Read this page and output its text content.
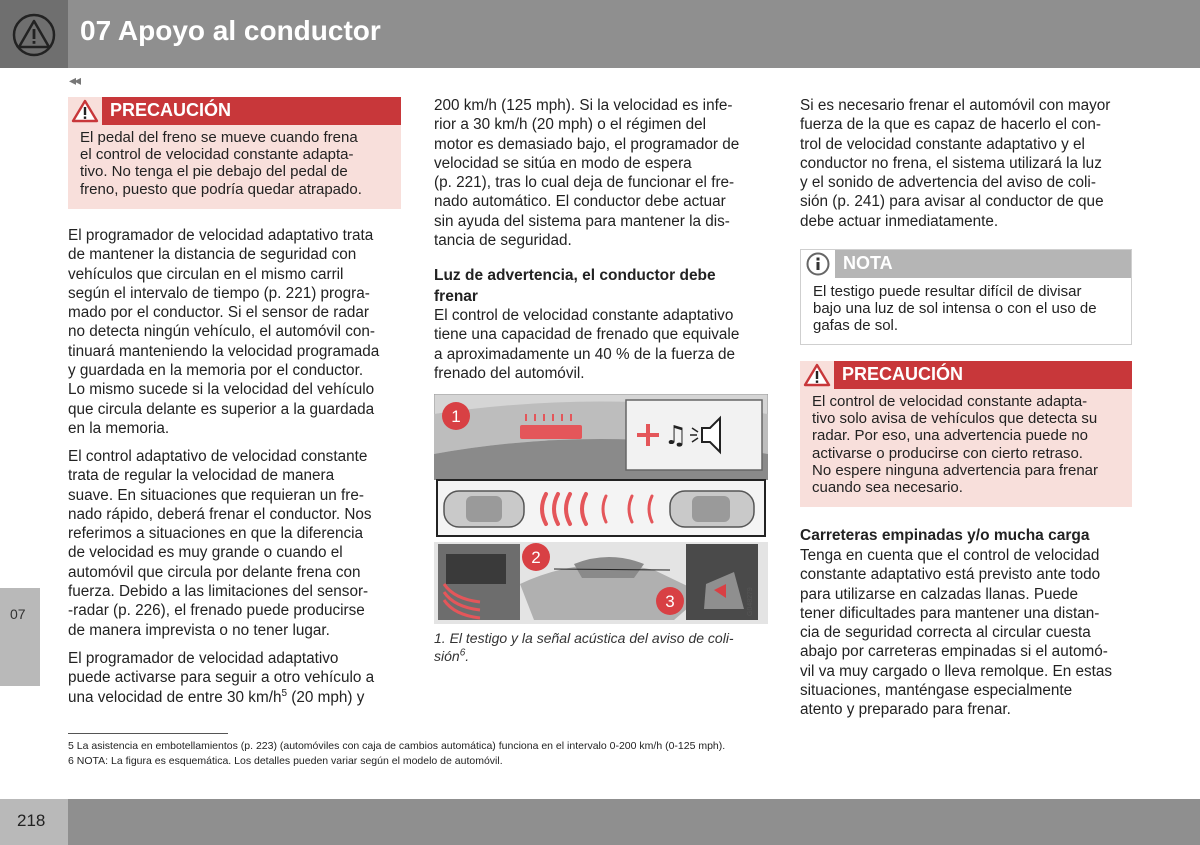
07 Apoyo al conductor
07
◂◂
PRECAUCIÓN
El pedal del freno se mueve cuando frena
el control de velocidad constante adapta-
tivo. No tenga el pie debajo del pedal de
freno, puesto que podría quedar atrapado.
El programador de velocidad adaptativo trata
de mantener la distancia de seguridad con
vehículos que circulan en el mismo carril
según el intervalo de tiempo (p. 221) progra-
mado por el conductor. Si el sensor de radar
no detecta ningún vehículo, el automóvil con-
tinuará manteniendo la velocidad programada
y guardada en la memoria por el conductor.
Lo mismo sucede si la velocidad del vehículo
que circula delante es superior a la guardada
en la memoria.
El control adaptativo de velocidad constante
trata de regular la velocidad de manera
suave. En situaciones que requieran un fre-
nado rápido, deberá frenar el conductor. Nos
referimos a situaciones en que la diferencia
de velocidad es muy grande o cuando el
automóvil que circula por delante frena con
fuerza. Debido a las limitaciones del sensor-
-radar (p. 226), el frenado puede producirse
de manera imprevista o no tener lugar.
El programador de velocidad adaptativo
puede activarse para seguir a otro vehículo a
una velocidad de entre 30 $km/h^5$ (20 mph) y
200 km/h (125 mph). Si la velocidad es infe-
rior a 30 km/h (20 mph) o el régimen del
motor es demasiado bajo, el programador de
velocidad se sitúa en modo de espera
(p. 221), tras lo cual deja de funcionar el fre-
nado automático. El conductor debe actuar
sin ayuda del sistema para mantener la dis-
tancia de seguridad.
Luz de advertencia, el conductor debe
frenar
El control de velocidad constante adaptativo
tiene una capacidad de frenado que equivale
a aproximadamente un 40 % de la fuerza de
frenado del automóvil.
♫
1
G048279
2
3
1. El testigo y la señal acústica del aviso de coli-
sión$^6$.
Si es necesario frenar el automóvil con mayor
fuerza de la que es capaz de hacerlo el con-
trol de velocidad constante adaptativo y el
conductor no frena, el sistema utilizará la luz
y el sonido de advertencia del aviso de coli-
sión (p. 241) para avisar al conductor de que
debe actuar inmediatamente.
NOTA
El testigo puede resultar difícil de divisar
bajo una luz de sol intensa o con el uso de
gafas de sol.
PRECAUCIÓN
El control de velocidad constante adapta-
tivo solo avisa de vehículos que detecta su
radar. Por eso, una advertencia puede no
activarse o producirse con cierto retraso.
No espere ninguna advertencia para frenar
cuando sea necesario.
Carreteras empinadas y/o mucha carga
Tenga en cuenta que el control de velocidad
constante adaptativo está previsto ante todo
para utilizarse en calzadas llanas. Puede
tener dificultades para mantener una distan-
cia de seguridad correcta al circular cuesta
abajo por carreteras empinadas si el automó-
vil va muy cargado o lleva remolque. En estas
situaciones, manténgase especialmente
atento y preparado para frenar.
5 La asistencia en embotellamientos (p. 223) (automóviles con caja de cambios automática) funciona en el intervalo 0-200 km/h (0-125 mph).
6 NOTA: La figura es esquemática. Los detalles pueden variar según el modelo de automóvil.
218
